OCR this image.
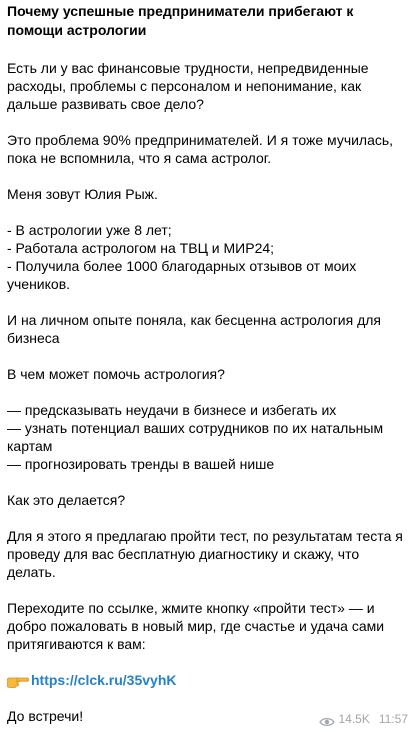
Почему успешные предприниматели прибегают к помощи астрологии
Есть ли у вас финансовые трудности, непредвиденные расходы, проблемы с персоналом и непонимание, как дальше развивать свое дело?
Это проблема 90% предпринимателей. И я тоже мучилась, пока не вспомнила, что я сама астролог.
Меня зовут Юлия Рыж.
- В астрологии уже 8 лет;
- Работала астрологом на ТВЦ и МИР24;
- Получила более 1000 благодарных отзывов от моих учеников.
И на личном опыте поняла, как бесценна астрология для бизнеса
В чем может помочь астрология?
— предсказывать неудачи в бизнесе и избегать их
— узнать потенциал ваших сотрудников по их натальным картам
— прогнозировать тренды в вашей нише
Как это делается?
Для я этого я предлагаю пройти тест, по результатам теста я проведу для вас бесплатную диагностику и скажу, что делать.
Переходите по ссылке, жмите кнопку «пройти тест» — и добро пожаловать в новый мир, где счастье и удача сами притягиваются к вам:
https://clck.ru/35vyhK
До встречи!	14.5K 11:57
